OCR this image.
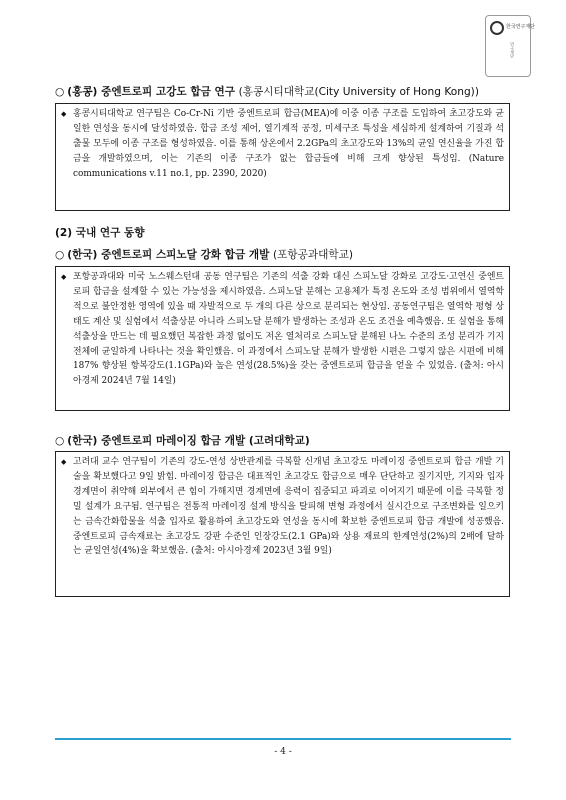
한국연구재단
연구재단
○ (홍콩) 중엔트로피 고강도 합금 연구 (홍콩시티대학교(City University of Hong Kong))
◆ 홍콩시티대학교 연구팀은 Co-Cr-Ni 기반 중엔트로피 합금(MEA)에 이중 이종 구조를 도입하여 초고강도와 균일한 연성을 동시에 달성하였음. 합금 조성 제어, 열기계적 공정, 미세구조 특성을 세심하게 설계하여 기질과 석출물 모두에 이종 구조를 형성하였음. 이를 통해 상온에서 2.2GPa의 초고강도와 13%의 균일 연신율을 가진 합금을 개발하였으며, 이는 기존의 이종 구조가 없는 합금들에 비해 크게 향상된 특성임. (Nature communications v.11 no.1, pp. 2390, 2020)
(2) 국내 연구 동향
○ (한국) 중엔트로피 스피노달 강화 합금 개발 (포항공과대학교)
◆ 포항공과대와 미국 노스웨스턴대 공동 연구팀은 기존의 석출 강화 대신 스피노달 강화로 고강도·고연신 중엔트로피 합금을 설계할 수 있는 가능성을 제시하였음. 스피노달 분해는 고용체가 특정 온도와 조성 범위에서 열역학적으로 불안정한 영역에 있을 때 자발적으로 두 개의 다른 상으로 분리되는 현상임. 공동연구팀은 열역학 평형 상태도 계산 및 실험에서 석출상분 아니라 스피노달 분해가 발생하는 조성과 온도 조건을 예측했음. 또 실험을 통해 석출상을 만드는 데 필요했던 복잡한 과정 없이도 저온 열처리로 스피노달 분해된 나노 수준의 조성 분리가 기지 전체에 균일하게 나타나는 것을 확인했음. 이 과정에서 스피노달 분해가 발생한 시편은 그렇지 않은 시편에 비해 187% 향상된 항복강도(1.1GPa)와 높은 연성(28.5%)을 갖는 중엔트로피 합금을 얻을 수 있었음. (출처: 아시아경제 2024년 7월 14일)
○ (한국) 중엔트로피 마레이징 합금 개발 (고려대학교)
◆ 고려대 교수 연구팀이 기존의 강도-연성 상반관계를 극복할 신개념 초고강도 마레이징 중엔트로피 합금 개발 기술을 확보했다고 9일 밝힘. 마레이징 합금은 대표적인 초고강도 합금으로 매우 단단하고 질기지만, 기지와 입자 경계면이 취약해 외부에서 큰 힘이 가해지면 경계면에 응력이 집중되고 파괴로 이어지기 때문에 이를 극복할 정밀 설계가 요구됨. 연구팀은 전통적 마레이징 설계 방식을 탈피해 변형 과정에서 실시간으로 구조변화를 일으키는 금속간화합물을 석출 입자로 활용하여 초고강도와 연성을 동시에 확보한 중엔트로피 합금 개발에 성공했음. 중엔트로피 금속재료는 초고강도 강판 수준인 인장강도(2.1 GPa)와 상용 재료의 한계연성(2%)의 2배에 달하는 균일연성(4%)을 확보했음. (출처: 아시아경제 2023년 3월 9일)
- 4 -
